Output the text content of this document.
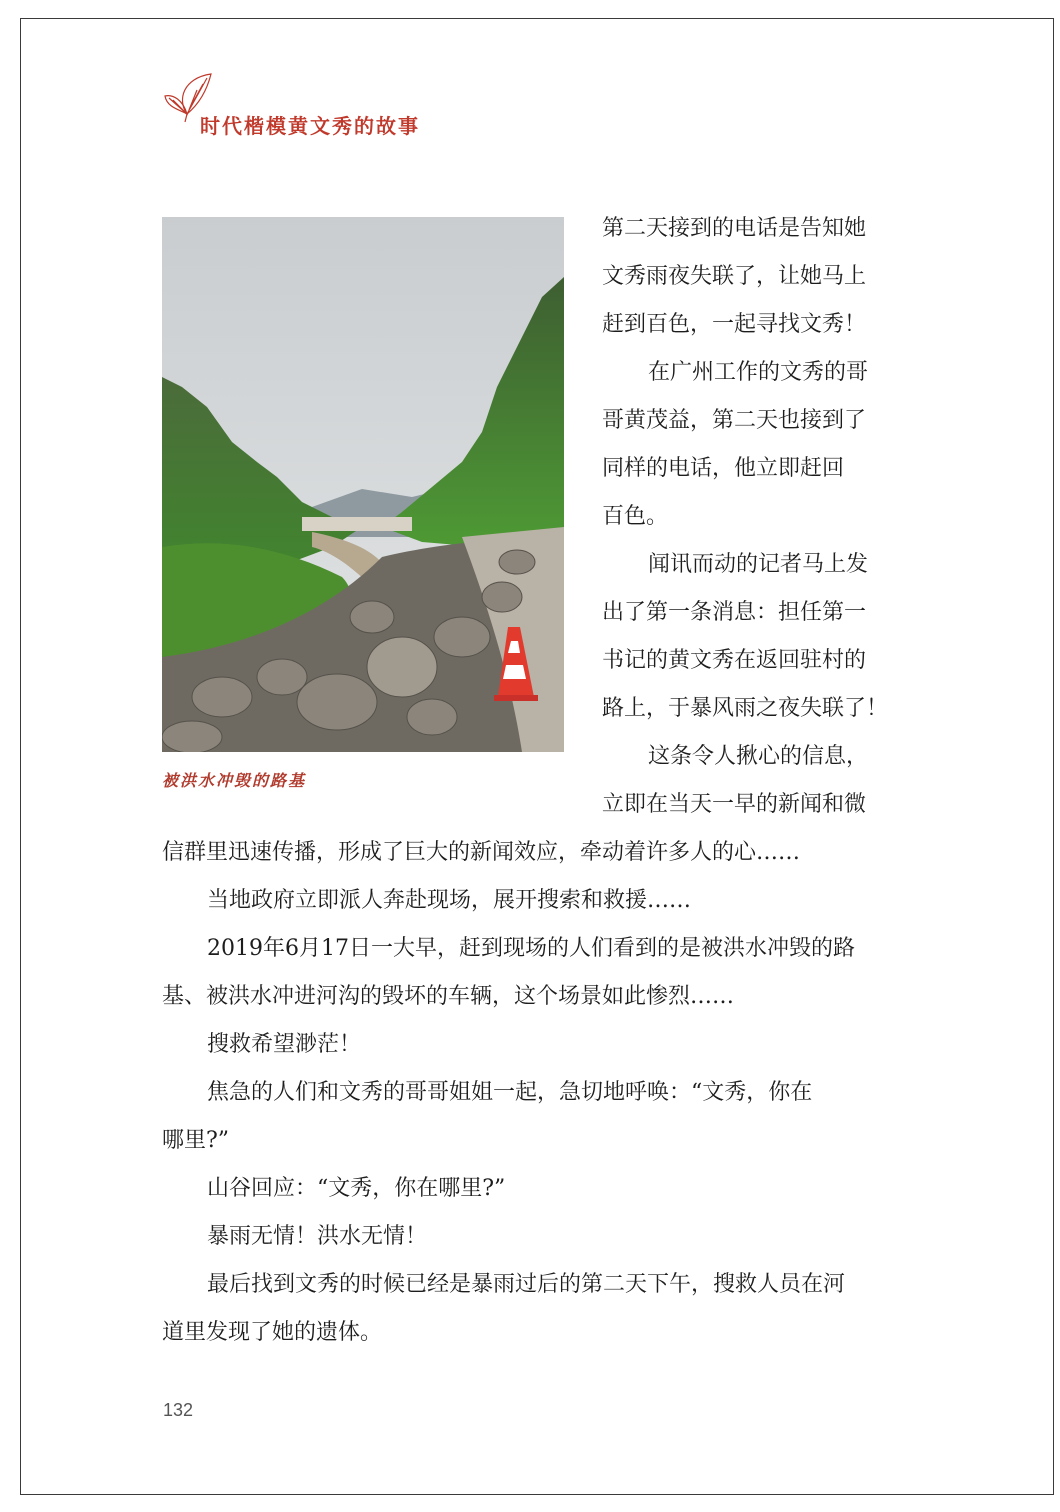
时代楷模黄文秀的故事
被洪水冲毁的路基
第二天接到的电话是告知她
文秀雨夜失联了，让她马上
赶到百色，一起寻找文秀！
在广州工作的文秀的哥
哥黄茂益，第二天也接到了
同样的电话，他立即赶回
百色。
闻讯而动的记者马上发
出了第一条消息：担任第一
书记的黄文秀在返回驻村的
路上，于暴风雨之夜失联了！
这条令人揪心的信息，
立即在当天一早的新闻和微
信群里迅速传播，形成了巨大的新闻效应，牵动着许多人的心……
当地政府立即派人奔赴现场，展开搜索和救援……
2019年6月17日一大早，赶到现场的人们看到的是被洪水冲毁的路
基、被洪水冲进河沟的毁坏的车辆，这个场景如此惨烈……
搜救希望渺茫！
焦急的人们和文秀的哥哥姐姐一起，急切地呼唤：“文秀，你在
哪里?”
山谷回应：“文秀，你在哪里?”
暴雨无情！洪水无情！
最后找到文秀的时候已经是暴雨过后的第二天下午，搜救人员在河
道里发现了她的遗体。
132
